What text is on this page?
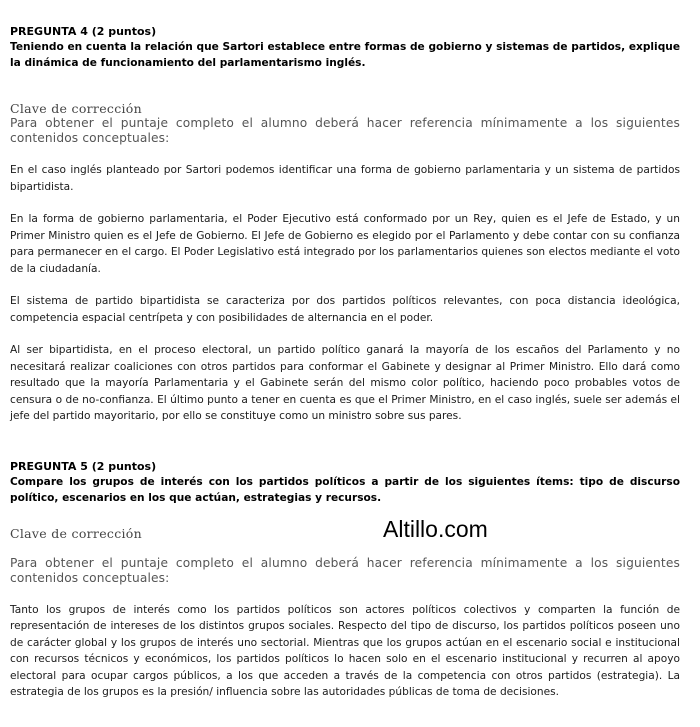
PREGUNTA 4 (2 puntos)

Teniendo en cuenta la relación que Sartori establece entre formas de gobierno y sistemas de partidos, explique la dinámica de funcionamiento del parlamentarismo inglés.

Clave de corrección

Para obtener el puntaje completo el alumno deberá hacer referencia mínimamente a los siguientes contenidos conceptuales:

En el caso inglés planteado por Sartori podemos identificar una forma de gobierno parlamentaria y un sistema de partidos bipartidista.

En la forma de gobierno parlamentaria, el Poder Ejecutivo está conformado por un Rey, quien es el Jefe de Estado, y un Primer Ministro quien es el Jefe de Gobierno. El Jefe de Gobierno es elegido por el Parlamento y debe contar con su confianza para permanecer en el cargo. El Poder Legislativo está integrado por los parlamentarios quienes son electos mediante el voto de la ciudadanía.

El sistema de partido bipartidista se caracteriza por dos partidos políticos relevantes, con poca distancia ideológica, competencia espacial centrípeta y con posibilidades de alternancia en el poder.

Al ser bipartidista, en el proceso electoral, un partido político ganará la mayoría de los escaños del Parlamento y no necesitará realizar coaliciones con otros partidos para conformar el Gabinete y designar al Primer Ministro. Ello dará como resultado que la mayoría Parlamentaria y el Gabinete serán del mismo color político, haciendo poco probables votos de censura o de no-confianza. El último punto a tener en cuenta es que el Primer Ministro, en el caso inglés, suele ser además el jefe del partido mayoritario, por ello se constituye como un ministro sobre sus pares.

PREGUNTA 5 (2 puntos)

Compare los grupos de interés con los partidos políticos a partir de los siguientes ítems: tipo de discurso político, escenarios en los que actúan, estrategias y recursos.

Clave de corrección

Para obtener el puntaje completo el alumno deberá hacer referencia mínimamente a los siguientes contenidos conceptuales:

Tanto los grupos de interés como los partidos políticos son actores políticos colectivos y comparten la función de representación de intereses de los distintos grupos sociales. Respecto del tipo de discurso, los partidos políticos poseen uno de carácter global y los grupos de interés uno sectorial. Mientras que los grupos actúan en el escenario social e institucional con recursos técnicos y económicos, los partidos políticos lo hacen solo en el escenario institucional y recurren al apoyo electoral para ocupar cargos públicos, a los que acceden a través de la competencia con otros partidos (estrategia). La estrategia de los grupos es la presión/ influencia sobre las autoridades públicas de toma de decisiones.

Altillo.com
